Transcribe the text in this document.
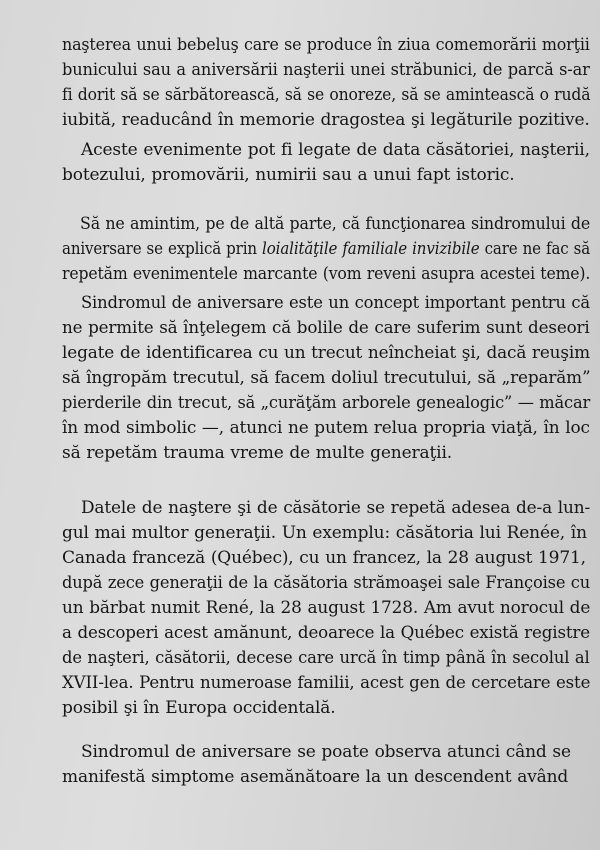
naşterea unui bebeluş care se produce în ziua comemorării morţii
bunicului sau a aniversării naşterii unei străbunici, de parcă s-ar
fi dorit să se sărbătorească, să se onoreze, să se amintească o rudă
iubită, readucând în memorie dragostea şi legăturile pozitive.
Aceste evenimente pot fi legate de data căsătoriei, naşterii,
botezului, promovării, numirii sau a unui fapt istoric.
Să ne amintim, pe de altă parte, că funcţionarea sindromului de
aniversare se explică prin loialităţile familiale invizibile care ne fac să
repetăm evenimentele marcante (vom reveni asupra acestei teme).
Sindromul de aniversare este un concept important pentru că
ne permite să înţelegem că bolile de care suferim sunt deseori
legate de identificarea cu un trecut neîncheiat şi, dacă reuşim
să îngropăm trecutul, să facem doliul trecutului, să „reparăm”
pierderile din trecut, să „curăţăm arborele genealogic” — măcar
în mod simbolic —, atunci ne putem relua propria viaţă, în loc
să repetăm trauma vreme de multe generaţii.
Datele de naştere şi de căsătorie se repetă adesea de-a lun-
gul mai multor generaţii. Un exemplu: căsătoria lui Renée, în
Canada franceză (Québec), cu un francez, la 28 august 1971,
după zece generaţii de la căsătoria strămoaşei sale Françoise cu
un bărbat numit René, la 28 august 1728. Am avut norocul de
a descoperi acest amănunt, deoarece la Québec există registre
de naşteri, căsătorii, decese care urcă în timp până în secolul al
XVII-lea. Pentru numeroase familii, acest gen de cercetare este
posibil şi în Europa occidentală.
Sindromul de aniversare se poate observa atunci când se
manifestă simptome asemănătoare la un descendent având
